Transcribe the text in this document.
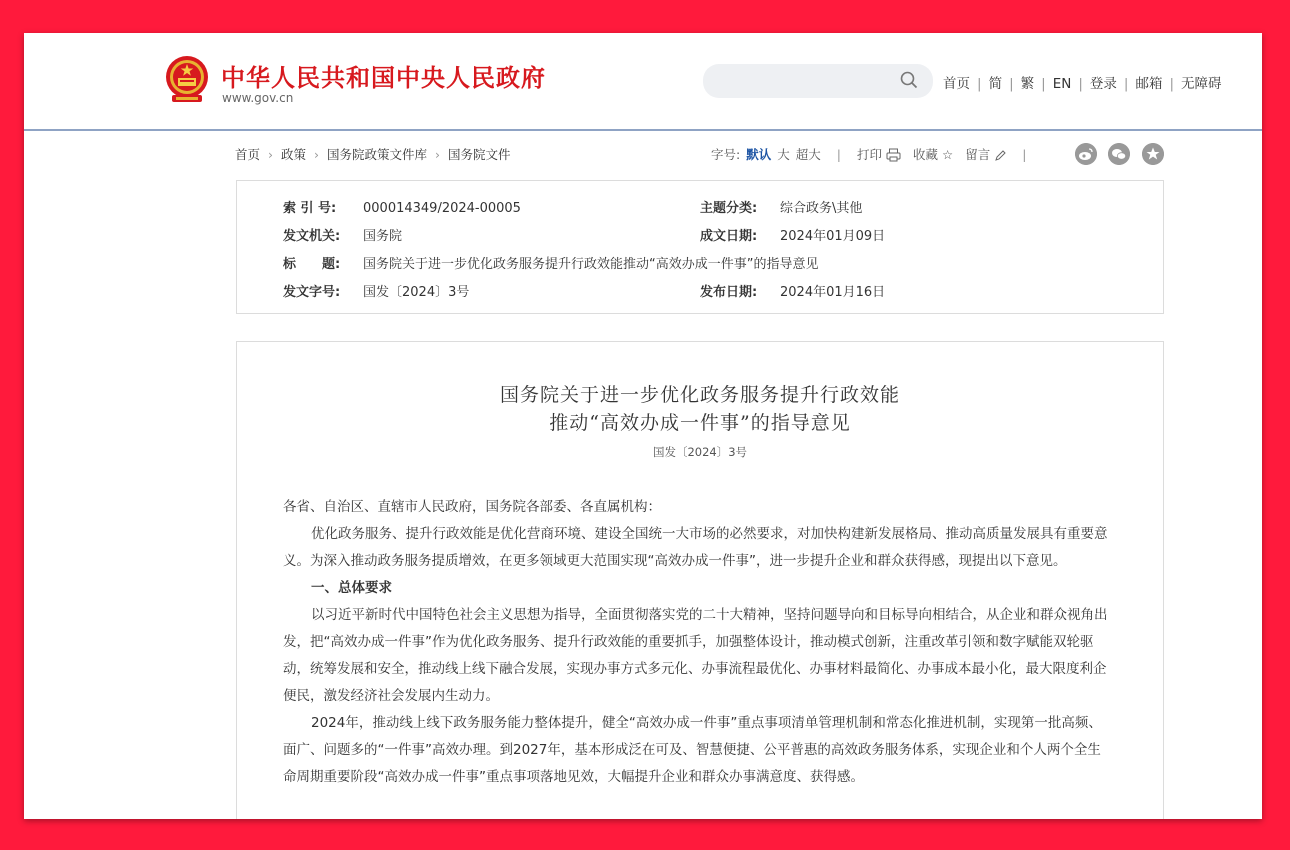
中华人民共和国中央人民政府
www.gov.cn
首页 | 简 | 繁 | EN | 登录 | 邮箱 | 无障碍
首页 › 政策 › 国务院政策文件库 › 国务院文件	字号: 默认 大 超大 | 打印 收藏 ☆ 留言	|
索 引 号: 000014349/2024-00005	主题分类: 综合政务\其他
发文机关: 国务院	成文日期: 2024年01月09日
标　　题: 国务院关于进一步优化政务服务提升行政效能推动“高效办成一件事”的指导意见
发文字号: 国发〔2024〕3号	发布日期: 2024年01月16日
国务院关于进一步优化政务服务提升行政效能
推动“高效办成一件事”的指导意见
国发〔2024〕3号

各省、自治区、直辖市人民政府，国务院各部委、各直属机构：

优化政务服务、提升行政效能是优化营商环境、建设全国统一大市场的必然要求，对加快构建新发展格局、推动高质量发展具有重要意义。为深入推动政务服务提质增效，在更多领域更大范围实现“高效办成一件事”，进一步提升企业和群众获得感，现提出以下意见。

一、总体要求

以习近平新时代中国特色社会主义思想为指导，全面贯彻落实党的二十大精神，坚持问题导向和目标导向相结合，从企业和群众视角出发，把“高效办成一件事”作为优化政务服务、提升行政效能的重要抓手，加强整体设计，推动模式创新，注重改革引领和数字赋能双轮驱动，统筹发展和安全，推动线上线下融合发展，实现办事方式多元化、办事流程最优化、办事材料最简化、办事成本最小化，最大限度利企便民，激发经济社会发展内生动力。

2024年，推动线上线下政务服务能力整体提升，健全“高效办成一件事”重点事项清单管理机制和常态化推进机制，实现第一批高频、面广、问题多的“一件事”高效办理。到2027年，基本形成泛在可及、智慧便捷、公平普惠的高效政务服务体系，实现企业和个人两个全生命周期重要阶段“高效办成一件事”重点事项落地见效，大幅提升企业和群众办事满意度、获得感。
